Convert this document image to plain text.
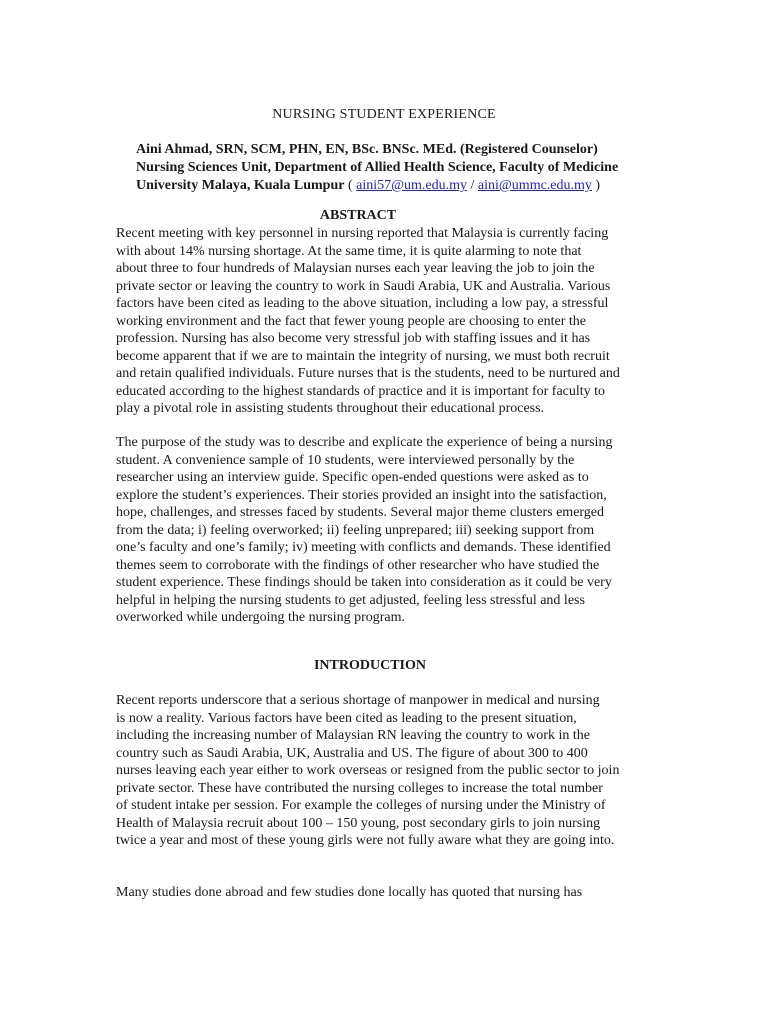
NURSING STUDENT EXPERIENCE
Aini Ahmad, SRN, SCM, PHN, EN, BSc. BNSc. MEd. (Registered Counselor)
Nursing Sciences Unit, Department of Allied Health Science, Faculty of Medicine
University Malaya, Kuala Lumpur ( aini57@um.edu.my / aini@ummc.edu.my )
ABSTRACT
Recent meeting with key personnel in nursing reported that Malaysia is currently facing
with about 14% nursing shortage. At the same time, it is quite alarming to note that
about three to four hundreds of Malaysian nurses each year leaving the job to join the
private sector or leaving the country to work in Saudi Arabia, UK and Australia. Various
factors have been cited as leading to the above situation, including a low pay, a stressful
working environment and the fact that fewer young people are choosing to enter the
profession. Nursing has also become very stressful job with staffing issues and it has
become apparent that if we are to maintain the integrity of nursing, we must both recruit
and retain qualified individuals. Future nurses that is the students, need to be nurtured and
educated according to the highest standards of practice and it is important for faculty to
play a pivotal role in assisting students throughout their educational process.
The purpose of the study was to describe and explicate the experience of being a nursing
student. A convenience sample of 10 students, were interviewed personally by the
researcher using an interview guide. Specific open-ended questions were asked as to
explore the student’s experiences. Their stories provided an insight into the satisfaction,
hope, challenges, and stresses faced by students. Several major theme clusters emerged
from the data; i) feeling overworked; ii) feeling unprepared; iii) seeking support from
one’s faculty and one’s family; iv) meeting with conflicts and demands. These identified
themes seem to corroborate with the findings of other researcher who have studied the
student experience. These findings should be taken into consideration as it could be very
helpful in helping the nursing students to get adjusted, feeling less stressful and less
overworked while undergoing the nursing program.
INTRODUCTION
Recent reports underscore that a serious shortage of manpower in medical and nursing
is now a reality. Various factors have been cited as leading to the present situation,
including the increasing number of Malaysian RN leaving the country to work in the
country such as Saudi Arabia, UK, Australia and US. The figure of about 300 to 400
nurses leaving each year either to work overseas or resigned from the public sector to join
private sector. These have contributed the nursing colleges to increase the total number
of student intake per session. For example the colleges of nursing under the Ministry of
Health of Malaysia recruit about 100 – 150 young, post secondary girls to join nursing
twice a year and most of these young girls were not fully aware what they are going into.
Many studies done abroad and few studies done locally has quoted that nursing has
